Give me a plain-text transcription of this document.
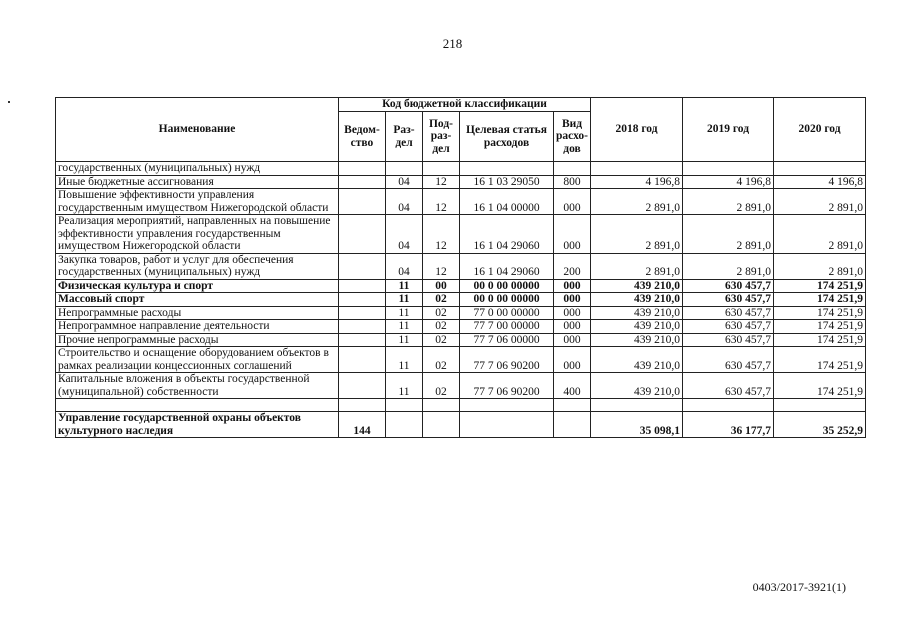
218
Наименование	Код бюджетной классификации					2018 год	2019 год	2020 год
	Ведом-ство	Раз-дел	Под-раз-дел	Целевая статья расходов	Вид расхо-дов			
государственных (муниципальных) нужд								
Иные бюджетные ассигнования		04	12	16 1 03 29050	800	4 196,8	4 196,8	4 196,8
Повышение эффективности управления государственным имуществом Нижегородской области		04	12	16 1 04 00000	000	2 891,0	2 891,0	2 891,0
Реализация мероприятий, направленных на повышение эффективности управления государственным имуществом Нижегородской области		04	12	16 1 04 29060	000	2 891,0	2 891,0	2 891,0
Закупка товаров, работ и услуг для обеспечения государственных (муниципальных) нужд		04	12	16 1 04 29060	200	2 891,0	2 891,0	2 891,0
Физическая культура и спорт		11	00	00 0 00 00000	000	439 210,0	630 457,7	174 251,9
Массовый спорт		11	02	00 0 00 00000	000	439 210,0	630 457,7	174 251,9
Непрограммные расходы		11	02	77 0 00 00000	000	439 210,0	630 457,7	174 251,9
Непрограммное направление деятельности		11	02	77 7 00 00000	000	439 210,0	630 457,7	174 251,9
Прочие непрограммные расходы		11	02	77 7 06 00000	000	439 210,0	630 457,7	174 251,9
Строительство и оснащение оборудованием объектов в рамках реализации концессионных соглашений		11	02	77 7 06 90200	000	439 210,0	630 457,7	174 251,9
Капитальные вложения в объекты государственной (муниципальной) собственности		11	02	77 7 06 90200	400	439 210,0	630 457,7	174 251,9

Управление государственной охраны объектов культурного наследия	144					35 098,1	36 177,7	35 252,9
0403/2017-3921(1)
